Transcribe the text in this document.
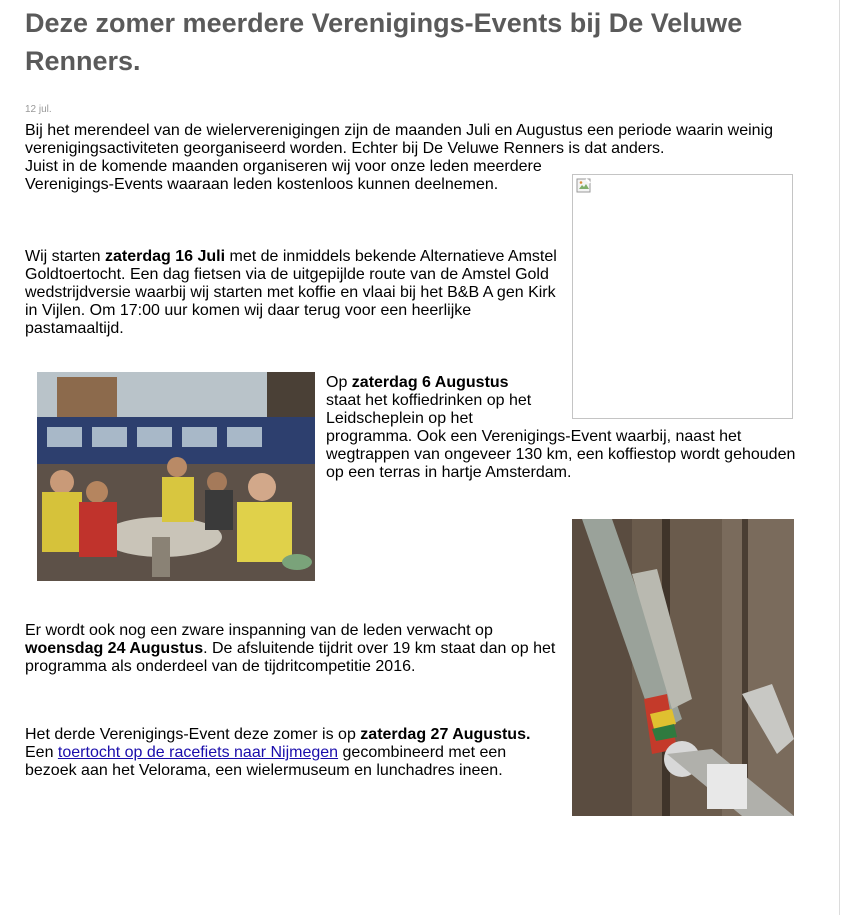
Deze zomer meerdere Verenigings-Events bij De Veluwe Renners.
12 jul.
Bij het merendeel van de wielerverenigingen zijn de maanden Juli en Augustus een periode waarin weinig verenigingsactiviteten georganiseerd worden. Echter bij De Veluwe Renners is dat anders.
Juist in de komende maanden organiseren wij voor onze leden meerdere Verenigings-Events waaraan leden kostenloos kunnen deelnemen.
Wij starten zaterdag 16 Juli met de inmiddels bekende Alternatieve Amstel Goldtoertocht. Een dag fietsen via de uitgepijlde route van de Amstel Gold wedstrijdversie waarbij wij starten met koffie en vlaai bij het B&B A gen Kirk in Vijlen. Om 17:00 uur komen wij daar terug voor een heerlijke pastamaaltijd.
Op zaterdag 6 Augustus
staat het koffiedrinken op het
Leidscheplein op het
programma. Ook een Verenigings-Event waarbij, naast het wegtrappen van ongeveer 130 km, een koffiestop wordt gehouden op een terras in hartje Amsterdam.
Er wordt ook nog een zware inspanning van de leden verwacht op woensdag 24 Augustus. De afsluitende tijdrit over 19 km staat dan op het programma als onderdeel van de tijdritcompetitie 2016.
Het derde Verenigings-Event deze zomer is op zaterdag 27 Augustus.
Een toertocht op de racefiets naar Nijmegen gecombineerd met een bezoek aan het Velorama, een wielermuseum en lunchadres ineen.
